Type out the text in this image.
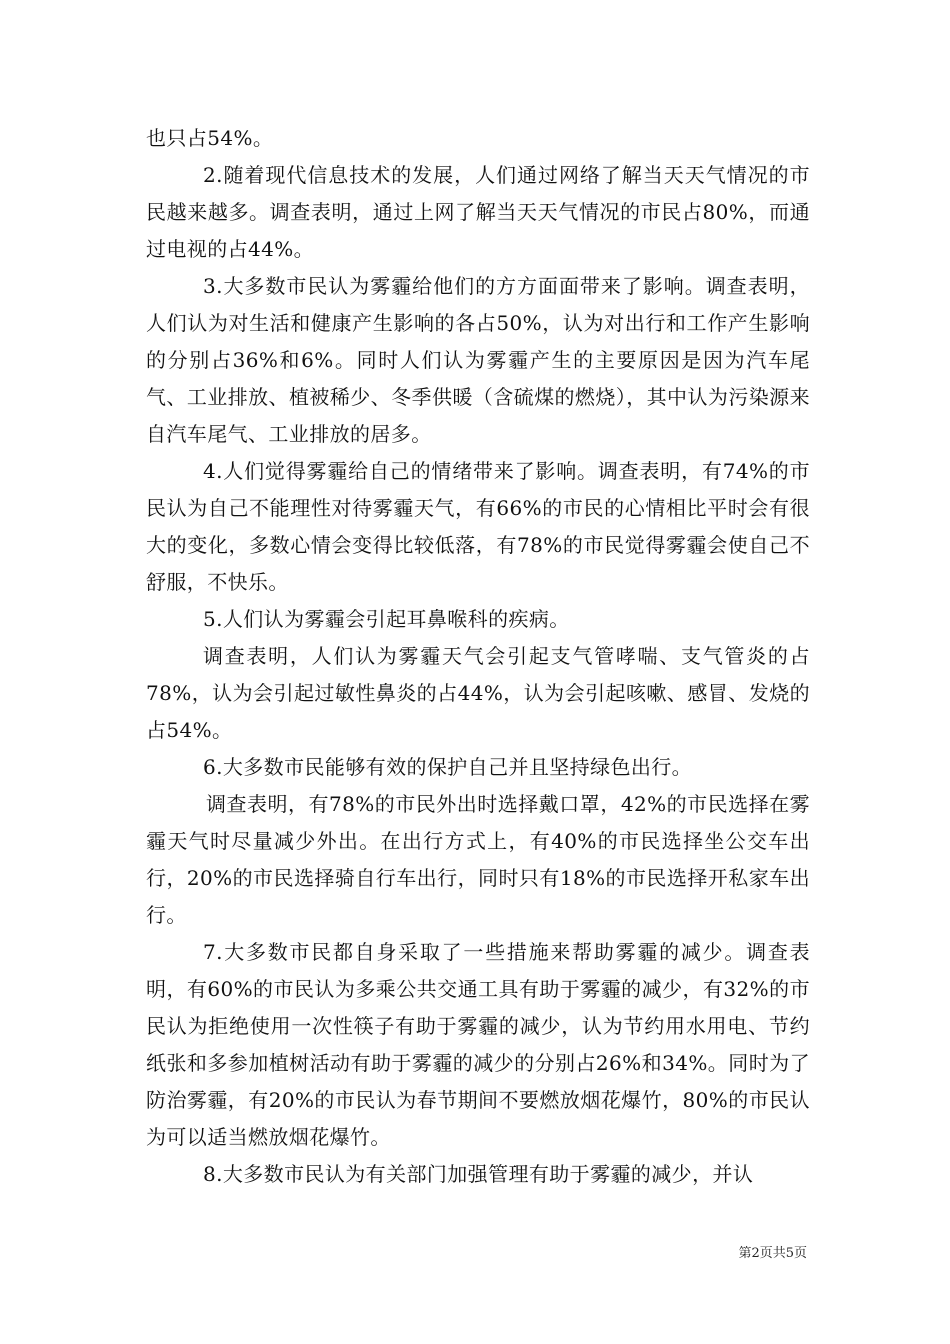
也只占54%。

2.随着现代信息技术的发展，人们通过网络了解当天天气情况的市民越来越多。调查表明，通过上网了解当天天气情况的市民占80%，而通过电视的占44%。

3.大多数市民认为雾霾给他们的方方面面带来了影响。调查表明，人们认为对生活和健康产生影响的各占50%，认为对出行和工作产生影响的分别占36%和6%。同时人们认为雾霾产生的主要原因是因为汽车尾气、工业排放、植被稀少、冬季供暖（含硫煤的燃烧），其中认为污染源来自汽车尾气、工业排放的居多。

4.人们觉得雾霾给自己的情绪带来了影响。调查表明，有74%的市民认为自己不能理性对待雾霾天气，有66%的市民的心情相比平时会有很大的变化，多数心情会变得比较低落，有78%的市民觉得雾霾会使自己不舒服，不快乐。

5.人们认为雾霾会引起耳鼻喉科的疾病。

调查表明，人们认为雾霾天气会引起支气管哮喘、支气管炎的占78%，认为会引起过敏性鼻炎的占44%，认为会引起咳嗽、感冒、发烧的占54%。

6.大多数市民能够有效的保护自己并且坚持绿色出行。

调查表明，有78%的市民外出时选择戴口罩，42%的市民选择在雾霾天气时尽量减少外出。在出行方式上，有40%的市民选择坐公交车出行，20%的市民选择骑自行车出行，同时只有18%的市民选择开私家车出行。

7.大多数市民都自身采取了一些措施来帮助雾霾的减少。调查表明，有60%的市民认为多乘公共交通工具有助于雾霾的减少，有32%的市民认为拒绝使用一次性筷子有助于雾霾的减少，认为节约用水用电、节约纸张和多参加植树活动有助于雾霾的减少的分别占26%和34%。同时为了防治雾霾，有20%的市民认为春节期间不要燃放烟花爆竹，80%的市民认为可以适当燃放烟花爆竹。

8.大多数市民认为有关部门加强管理有助于雾霾的减少，并认

第2页共5页
